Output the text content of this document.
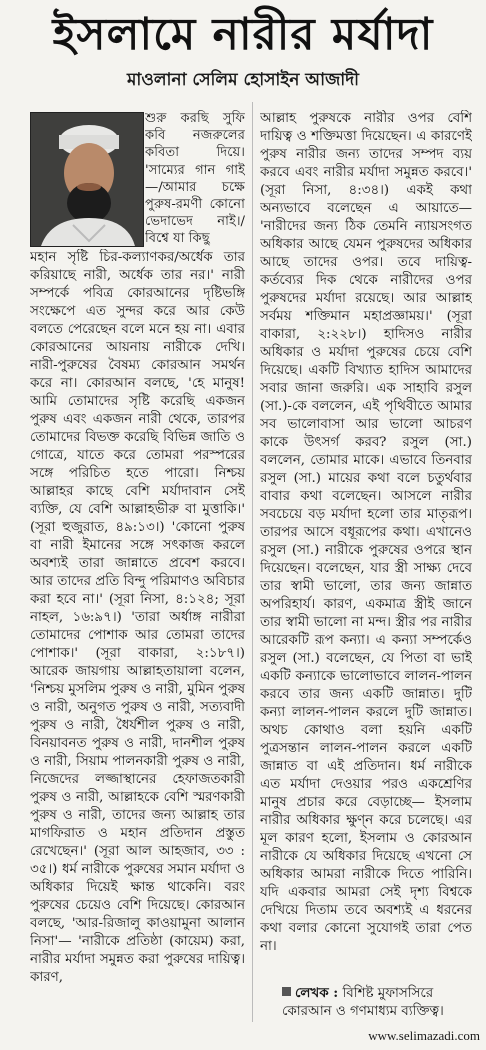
ইসলামে নারীর মর্যাদা
মাওলানা সেলিম হোসাইন আজাদী
শুরু করছি সুফি কবি নজরুলের কবিতা দিয়ে। 'সাম্যের গান গাই—/আমার চক্ষে পুরুষ-রমণী কোনো ভেদাভেদ নাই।/বিশ্বে যা কিছু
মহান সৃষ্টি চির-কল্যাণকর/অর্ধেক তার করিয়াছে নারী, অর্ধেক তার নর।' নারী সম্পর্কে পবিত্র কোরআনের দৃষ্টিভঙ্গি সংক্ষেপে এত সুন্দর করে আর কেউ বলতে পেরেছেন বলে মনে হয় না। এবার কোরআনের আয়নায় নারীকে দেখি। নারী-পুরুষের বৈষম্য কোরআন সমর্থন করে না। কোরআন বলছে, 'হে মানুষ! আমি তোমাদের সৃষ্টি করেছি একজন পুরুষ এবং একজন নারী থেকে, তারপর তোমাদের বিভক্ত করেছি বিভিন্ন জাতি ও গোত্রে, যাতে করে তোমরা পরস্পরের সঙ্গে পরিচিত হতে পারো। নিশ্চয় আল্লাহর কাছে বেশি মর্যাদাবান সেই ব্যক্তি, যে বেশি আল্লাহভীরু বা মুত্তাকি।' (সূরা হুজুরাত, ৪৯:১৩।) 'কোনো পুরুষ বা নারী ইমানের সঙ্গে সৎকাজ করলে অবশ্যই তারা জান্নাতে প্রবেশ করবে। আর তাদের প্রতি বিন্দু পরিমাণও অবিচার করা হবে না।' (সূরা নিসা, ৪:১২৪; সূরা নাহল, ১৬:৯৭।) 'তারা অর্ধাঙ্গ নারীরা তোমাদের পোশাক আর তোমরা তাদের পোশাক।' (সূরা বাকারা, ২:১৮৭।) আরেক জায়গায় আল্লাহতায়ালা বলেন, 'নিশ্চয় মুসলিম পুরুষ ও নারী, মুমিন পুরুষ ও নারী, অনুগত পুরুষ ও নারী, সত্যবাদী পুরুষ ও নারী, ধৈর্যশীল পুরুষ ও নারী, বিনয়াবনত পুরুষ ও নারী, দানশীল পুরুষ ও নারী, সিয়াম পালনকারী পুরুষ ও নারী, নিজেদের লজ্জাস্থানের হেফাজতকারী পুরুষ ও নারী, আল্লাহকে বেশি স্মরণকারী পুরুষ ও নারী, তাদের জন্য আল্লাহ তার মাগফিরাত ও মহান প্রতিদান প্রস্তুত রেখেছেন।' (সূরা আল আহজাব, ৩৩ : ৩৫।) ধর্ম নারীকে পুরুষের সমান মর্যাদা ও অধিকার দিয়েই ক্ষান্ত থাকেনি। বরং পুরুষের চেয়েও বেশি দিয়েছে। কোরআন বলছে, 'আর-রিজালু কাওয়ামুনা আলান নিসা'— 'নারীকে প্রতিষ্ঠা (কায়েম) করা, নারীর মর্যাদা সমুন্নত করা পুরুষের দায়িত্ব। কারণ,
আল্লাহ পুরুষকে নারীর ওপর বেশি দায়িত্ব ও শক্তিমত্তা দিয়েছেন। এ কারণেই পুরুষ নারীর জন্য তাদের সম্পদ ব্যয় করবে এবং নারীর মর্যাদা সমুন্নত করবে।' (সূরা নিসা, ৪:৩৪।) একই কথা অন্যভাবে বলেছেন এ আয়াতে— 'নারীদের জন্য ঠিক তেমনি ন্যায়সংগত অধিকার আছে যেমন পুরুষদের অধিকার আছে তাদের ওপর। তবে দায়িত্ব-কর্তব্যের দিক থেকে নারীদের ওপর পুরুষদের মর্যাদা রয়েছে। আর আল্লাহ সর্বময় শক্তিমান মহাপ্রজ্ঞাময়।' (সূরা বাকারা, ২:২২৮।) হাদিসও নারীর অধিকার ও মর্যাদা পুরুষের চেয়ে বেশি দিয়েছে। একটি বিখ্যাত হাদিস আমাদের সবার জানা জরুরি। এক সাহাবি রসুল (সা.)-কে বললেন, এই পৃথিবীতে আমার সব ভালোবাসা আর ভালো আচরণ কাকে উৎসর্গ করব? রসুল (সা.) বললেন, তোমার মাকে। এভাবে তিনবার রসুল (সা.) মায়ের কথা বলে চতুর্থবার বাবার কথা বলেছেন। আসলে নারীর সবচেয়ে বড় মর্যাদা হলো তার মাতৃরূপ। তারপর আসে বধূরূপের কথা। এখানেও রসুল (সা.) নারীকে পুরুষের ওপরে স্থান দিয়েছেন। বলেছেন, যার স্ত্রী সাক্ষ্য দেবে তার স্বামী ভালো, তার জন্য জান্নাত অপরিহার্য। কারণ, একমাত্র স্ত্রীই জানে তার স্বামী ভালো না মন্দ। স্ত্রীর পর নারীর আরেকটি রূপ কন্যা। এ কন্যা সম্পর্কেও রসুল (সা.) বলেছেন, যে পিতা বা ভাই একটি কন্যাকে ভালোভাবে লালন-পালন করবে তার জন্য একটি জান্নাত। দুটি কন্যা লালন-পালন করলে দুটি জান্নাত। অথচ কোথাও বলা হয়নি একটি পুত্রসন্তান লালন-পালন করলে একটি জান্নাত বা এই প্রতিদান। ধর্ম নারীকে এত মর্যাদা দেওয়ার পরও একশ্রেণির মানুষ প্রচার করে বেড়াচ্ছে— ইসলাম নারীর অধিকার ক্ষুণ্ন করে চলেছে। এর মূল কারণ হলো, ইসলাম ও কোরআন নারীকে যে অধিকার দিয়েছে এখনো সে অধিকার আমরা নারীকে দিতে পারিনি। যদি একবার আমরা সেই দৃশ্য বিশ্বকে দেখিয়ে দিতাম তবে অবশ্যই এ ধরনের কথা বলার কোনো সুযোগই তারা পেত না।
লেখক : বিশিষ্ট মুফাসসিরে কোরআন ও গণমাধ্যম ব্যক্তিত্ব।
www.selimazadi.com
